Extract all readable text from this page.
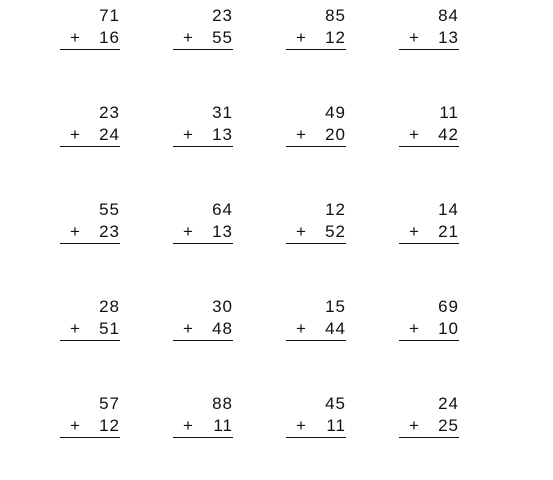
71
+ 16
23
+ 55
85
+ 12
84
+ 13
23
+ 24
31
+ 13
49
+ 20
11
+ 42
55
+ 23
64
+ 13
12
+ 52
14
+ 21
28
+ 51
30
+ 48
15
+ 44
69
+ 10
57
+ 12
88
+ 11
45
+ 11
24
+ 25
